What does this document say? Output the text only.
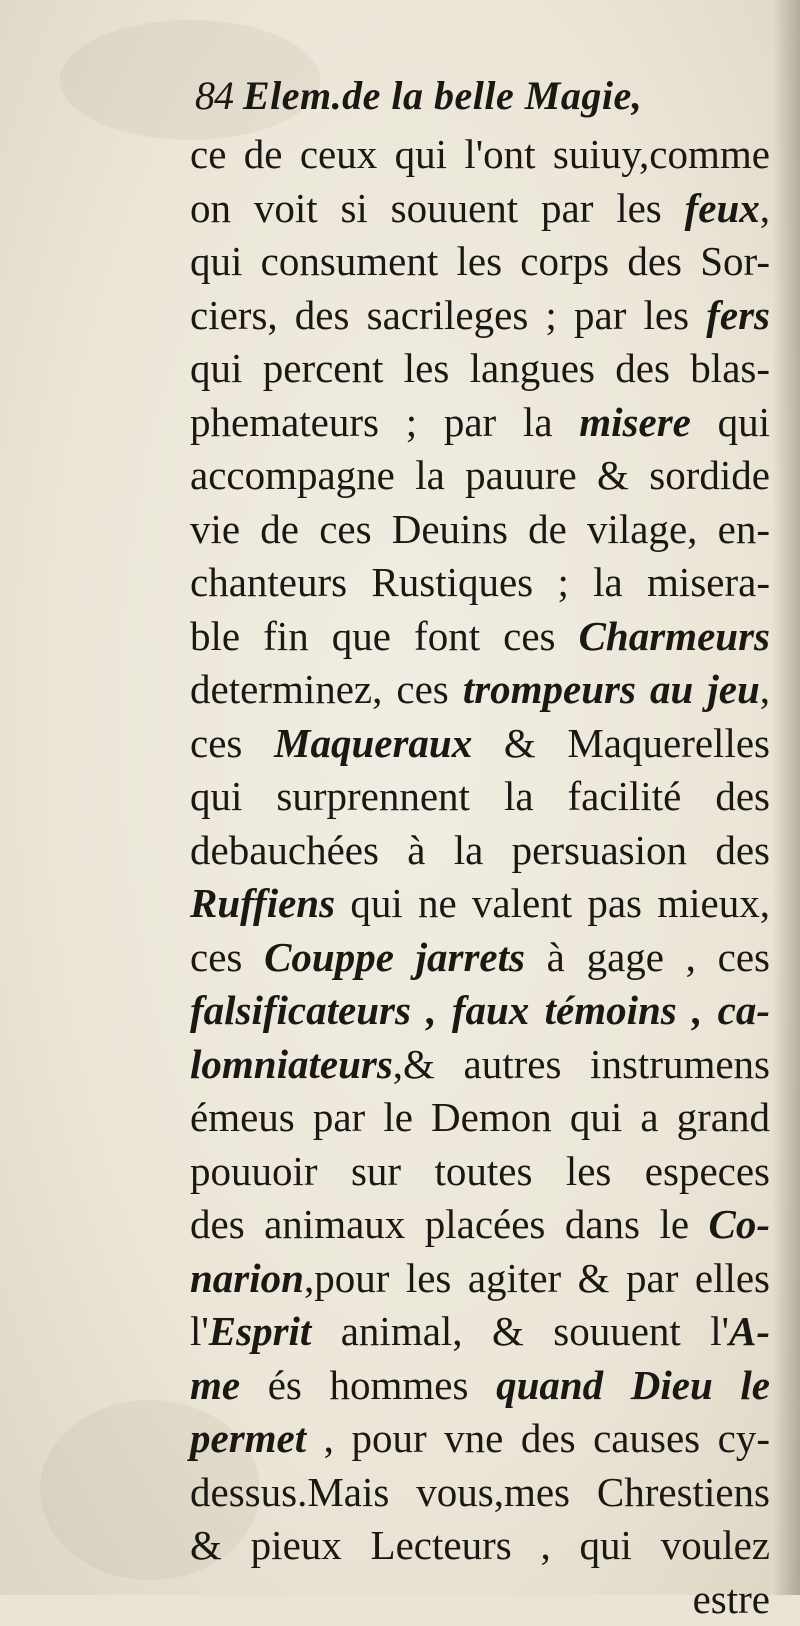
84 Elem.de la belle Magie,
ce de ceux qui l'ont suiuy,comme
on voit si souuent par les feux,
qui consument les corps des Sor-
ciers, des sacrileges ; par les fers
qui percent les langues des blas-
phemateurs ; par la misere qui
accompagne la pauure & sordide
vie de ces Deuins de vilage, en-
chanteurs Rustiques ; la misera-
ble fin que font ces Charmeurs
determinez, ces trompeurs au jeu,
ces Maqueraux & Maquerelles
qui surprennent la facilité des
debauchées à la persuasion des
Ruffiens qui ne valent pas mieux,
ces Couppe jarrets à gage , ces
falsificateurs , faux témoins , ca-
lomniateurs,& autres instrumens
émeus par le Demon qui a grand
pouuoir sur toutes les especes
des animaux placées dans le Co-
narion,pour les agiter & par elles
l'Esprit animal, & souuent l'A-
me és hommes quand Dieu le
permet , pour vne des causes cy-
dessus.Mais vous,mes Chrestiens
& pieux Lecteurs , qui voulez
estre
